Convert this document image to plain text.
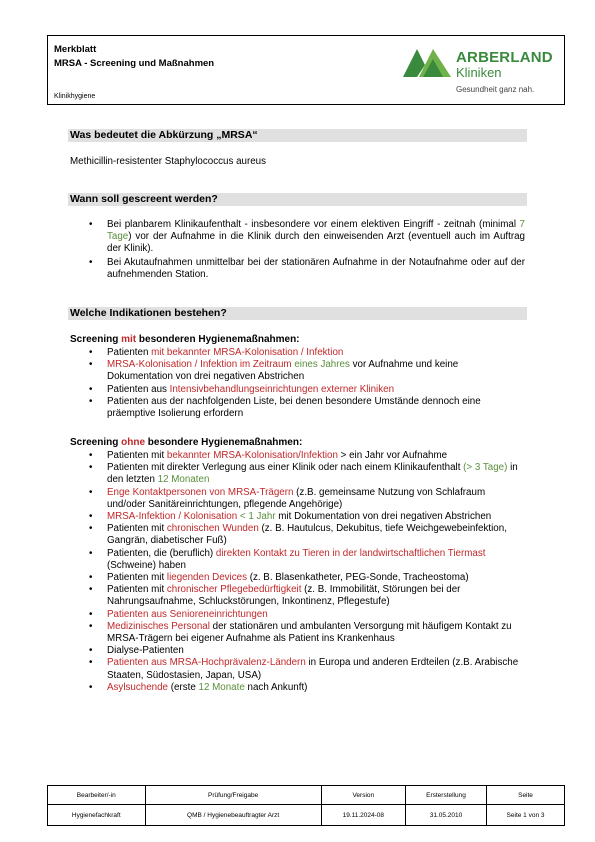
Merkblatt
MRSA - Screening und Maßnahmen
Klinikhygiene
ARBERLAND
Kliniken
Gesundheit ganz nah.
Was bedeutet die Abkürzung „MRSA“
Methicillin-resistenter Staphylococcus aureus
Wann soll gescreent werden?
• Bei planbarem Klinikaufenthalt - insbesondere vor einem elektiven Eingriff - zeitnah (minimal 7 Tage) vor der Aufnahme in die Klinik durch den einweisenden Arzt (eventuell auch im Auftrag der Klinik).
• Bei Akutaufnahmen unmittelbar bei der stationären Aufnahme in der Notaufnahme oder auf der aufnehmenden Station.
Welche Indikationen bestehen?
Screening mit besonderen Hygienemaßnahmen:
• Patienten mit bekannter MRSA-Kolonisation / Infektion
• MRSA-Kolonisation / Infektion im Zeitraum eines Jahres vor Aufnahme und keine Dokumentation von drei negativen Abstrichen
• Patienten aus Intensivbehandlungseinrichtungen externer Kliniken
• Patienten aus der nachfolgenden Liste, bei denen besondere Umstände dennoch eine präemptive Isolierung erfordern
Screening ohne besondere Hygienemaßnahmen:
• Patienten mit bekannter MRSA-Kolonisation/Infektion > ein Jahr vor Aufnahme
• Patienten mit direkter Verlegung aus einer Klinik oder nach einem Klinikaufenthalt (> 3 Tage) in den letzten 12 Monaten
• Enge Kontaktpersonen von MRSA-Trägern (z.B. gemeinsame Nutzung von Schlafraum und/oder Sanitäreinrichtungen, pflegende Angehörige)
• MRSA-Infektion / Kolonisation < 1 Jahr mit Dokumentation von drei negativen Abstrichen
• Patienten mit chronischen Wunden (z. B. Hautulcus, Dekubitus, tiefe Weichgewebeinfektion, Gangrän, diabetischer Fuß)
• Patienten, die (beruflich) direkten Kontakt zu Tieren in der landwirtschaftlichen Tiermast (Schweine) haben
• Patienten mit liegenden Devices (z. B. Blasenkatheter, PEG-Sonde, Tracheostoma)
• Patienten mit chronischer Pflegebedürftigkeit (z. B. Immobilität, Störungen bei der Nahrungsaufnahme, Schluckstörungen, Inkontinenz, Pflegestufe)
• Patienten aus Senioreneinrichtungen
• Medizinisches Personal der stationären und ambulanten Versorgung mit häufigem Kontakt zu MRSA-Trägern bei eigener Aufnahme als Patient ins Krankenhaus
• Dialyse-Patienten
• Patienten aus MRSA-Hochprävalenz-Ländern in Europa und anderen Erdteilen (z.B. Arabische Staaten, Südostasien, Japan, USA)
• Asylsuchende (erste 12 Monate nach Ankunft)
Bearbeiter/-in	Prüfung/Freigabe	Version	Ersterstellung	Seite
Hygienefachkraft	QMB / Hygienebeauftragter Arzt	19.11.2024-08	31.05.2010	Seite 1 von 3
